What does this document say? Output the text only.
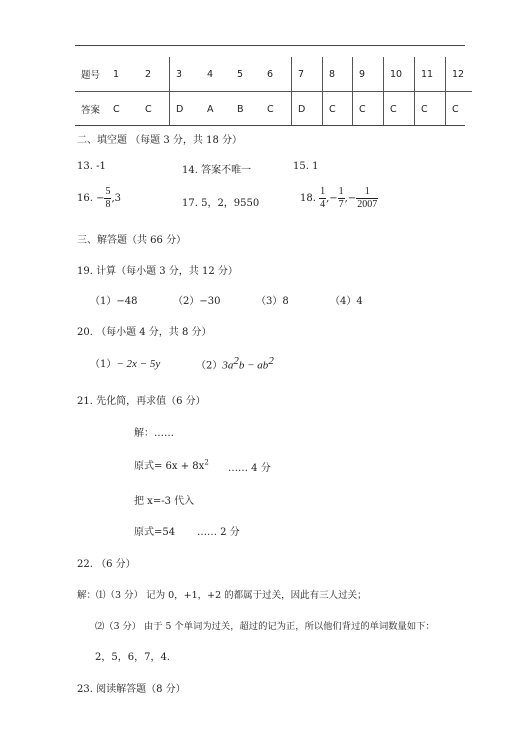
题号	1	2	3	4	5	6	7	8	9	10	11	12
答案	C	C	D	A	B	C	D	C	C	C	C	C
二、填空题 （每题 3 分，共 18 分）
13. -1	14. 答案不唯一	15. 1
16. − $\frac{5}{8} ,3$	17. 5，2，9550	18. $\frac{1}{4}$ ,− $\frac{1}{7}$ ,− $\frac{1}{2007}$
三、解答题（共 66 分）
19. 计算（每小题 3 分，共 12 分）
（1）−48	（2）−30	（3）8	（4）4
20. （每小题 4 分，共 8 分）
（1）− 2x − 5y	$(2)3a^2b - ab^2$
21. 先化简，再求值（6 分）
解：……
原式= $6x + 8x^2$
…… 4 分
把 x=-3 代入
原式=54 …… 2 分
22. （6 分）
解：⑴（3 分） 记为 0，+1，+2 的都属于过关，因此有三人过关；
⑵（3 分） 由于 5 个单词为过关，超过的记为正，所以他们背过的单词数量如下：
2，5，6，7，4.
23. 阅读解答题（8 分）
